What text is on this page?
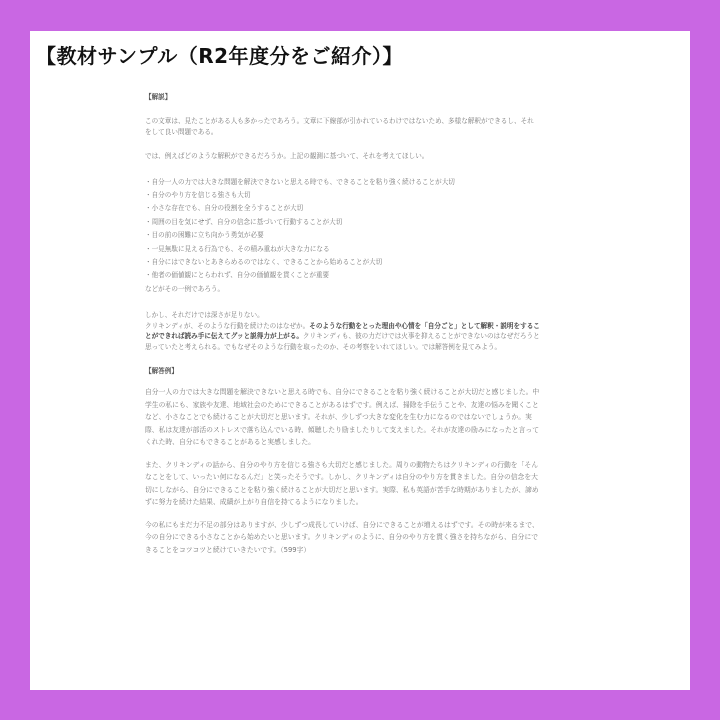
【教材サンプル（R2年度分をご紹介）】

【解説】

この文章は、見たことがある人も多かったであろう。文章に下線部が引かれているわけではないため、多様な解釈ができるし、それをして良い問題である。

では、例えばどのような解釈ができるだろうか。上記の観測に基づいて、それを考えてほしい。

・自分一人の力では大きな問題を解決できないと思える時でも、できることを粘り強く続けることが大切

・自分のやり方を信じる強さも大切

・小さな存在でも、自分の役割を全うすることが大切

・周囲の目を気にせず、自分の信念に基づいて行動することが大切

・目の前の困難に立ち向かう勇気が必要

・一見無駄に見える行為でも、その積み重ねが大きな力になる

・自分にはできないとあきらめるのではなく、できることから始めることが大切

・他者の価値観にとらわれず、自分の価値観を貫くことが重要

などがその一例であろう。

しかし、それだけでは深さが足りない。

クリキンディが、そのような行動を続けたのはなぜか。そのような行動をとった理由や心情を「自分ごと」として解釈・説明をすることができれば読み手に伝えてグッと説得力が上がる。クリキンディも、彼の力だけでは火事を抑えることができないのはなぜだろうと思っていたと考えられる。でもなぜそのような行動を取ったのか、その考察をいれてほしい。では解答例を見てみよう。

【解答例】

自分一人の力では大きな問題を解決できないと思える時でも、自分にできることを粘り強く続けることが大切だと感じました。中学生の私にも、家族や友達、地域社会のためにできることがあるはずです。例えば、掃除を手伝うことや、友達の悩みを聞くことなど、小さなことでも続けることが大切だと思います。それが、少しずつ大きな変化を生む力になるのではないでしょうか。実際、私は友達が部活のストレスで落ち込んでいる時、傾聴したり励ましたりして支えました。それが友達の励みになったと言ってくれた時、自分にもできることがあると実感しました。

また、クリキンディの話から、自分のやり方を信じる強さも大切だと感じました。周りの動物たちはクリキンディの行動を「そんなことをして、いったい何になるんだ」と笑ったそうです。しかし、クリキンディは自分のやり方を貫きました。自分の信念を大切にしながら、自分にできることを粘り強く続けることが大切だと思います。実際、私も英語が苦手な時期がありましたが、諦めずに努力を続けた結果、成績が上がり自信を持てるようになりました。

今の私にもまだ力不足の部分はありますが、少しずつ成長していけば、自分にできることが増えるはずです。その時が来るまで、今の自分にできる小さなことから始めたいと思います。クリキンディのように、自分のやり方を貫く強さを持ちながら、自分にできることをコツコツと続けていきたいです。（599字）
